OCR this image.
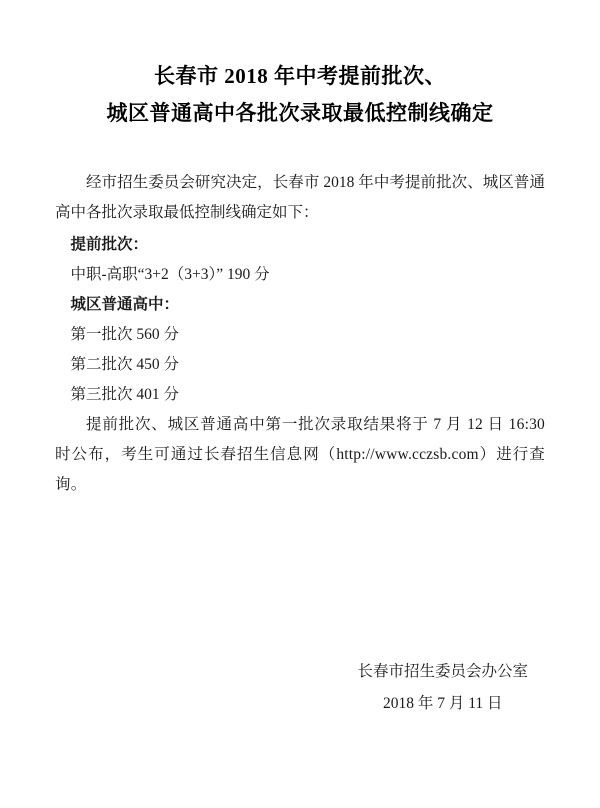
长春市 2018 年中考提前批次、
城区普通高中各批次录取最低控制线确定

经市招生委员会研究决定，长春市 2018 年中考提前批次、城区普通高中各批次录取最低控制线确定如下：

提前批次：

中职-高职“3+2（3+3）” 190 分

城区普通高中：

第一批次 560 分

第二批次 450 分

第三批次 401 分

提前批次、城区普通高中第一批次录取结果将于 7 月 12 日 16:30 时公布，考生可通过长春招生信息网（http://www.cczsb.com）进行查询。

长春市招生委员会办公室
2018 年 7 月 11 日
